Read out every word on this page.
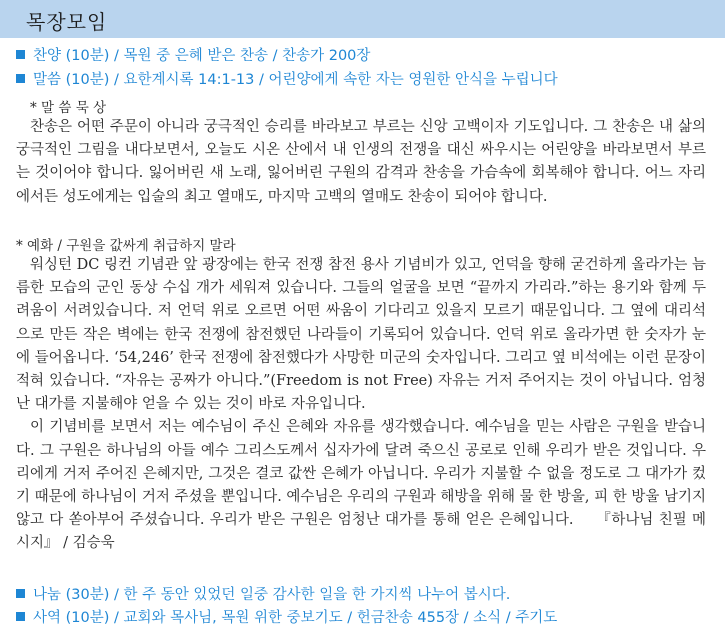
목장모임
찬양 (10분) / 목원 중 은혜 받은 찬송 / 찬송가 200장
말씀 (10분) / 요한계시록 14:1-13 / 어린양에게 속한 자는 영원한 안식을 누립니다
* 말 씀 묵 상

찬송은 어떤 주문이 아니라 궁극적인 승리를 바라보고 부르는 신앙 고백이자 기도입니다. 그 찬송은 내 삶의 궁극적인 그림을 내다보면서, 오늘도 시온 산에서 내 인생의 전쟁을 대신 싸우시는 어린양을 바라보면서 부르는 것이어야 합니다. 잃어버린 새 노래, 잃어버린 구원의 감격과 찬송을 가슴속에 회복해야 합니다. 어느 자리에서든 성도에게는 입술의 최고 열매도, 마지막 고백의 열매도 찬송이 되어야 합니다.

* 예화 / 구원을 값싸게 취급하지 말라

워싱턴 DC 링컨 기념관 앞 광장에는 한국 전쟁 참전 용사 기념비가 있고, 언덕을 향해 굳건하게 올라가는 늠름한 모습의 군인 동상 수십 개가 세워져 있습니다. 그들의 얼굴을 보면 “끝까지 가리라.”하는 용기와 함께 두려움이 서려있습니다. 저 언덕 위로 오르면 어떤 싸움이 기다리고 있을지 모르기 때문입니다. 그 옆에 대리석으로 만든 작은 벽에는 한국 전쟁에 참전했던 나라들이 기록되어 있습니다. 언덕 위로 올라가면 한 숫자가 눈에 들어옵니다. ‘54,246’ 한국 전쟁에 참전했다가 사망한 미군의 숫자입니다. 그리고 옆 비석에는 이런 문장이 적혀 있습니다. “자유는 공짜가 아니다.”(Freedom is not Free) 자유는 거저 주어지는 것이 아닙니다. 엄청난 대가를 지불해야 얻을 수 있는 것이 바로 자유입니다.

이 기념비를 보면서 저는 예수님이 주신 은혜와 자유를 생각했습니다. 예수님을 믿는 사람은 구원을 받습니다. 그 구원은 하나님의 아들 예수 그리스도께서 십자가에 달려 죽으신 공로로 인해 우리가 받은 것입니다. 우리에게 거저 주어진 은혜지만, 그것은 결코 값싼 은혜가 아닙니다. 우리가 지불할 수 없을 정도로 그 대가가 컸기 때문에 하나님이 거저 주셨을 뿐입니다. 예수님은 우리의 구원과 해방을 위해 물 한 방울, 피 한 방울 남기지 않고 다 쏟아부어 주셨습니다. 우리가 받은 구원은 엄청난 대가를 통해 얻은 은혜입니다. 『하나님 친필 메시지』 / 김승욱

나눔 (30분) / 한 주 동안 있었던 일중 감사한 일을 한 가지씩 나누어 봅시다.
사역 (10분) / 교회와 목사님, 목원 위한 중보기도 / 헌금찬송 455장 / 소식 / 주기도
